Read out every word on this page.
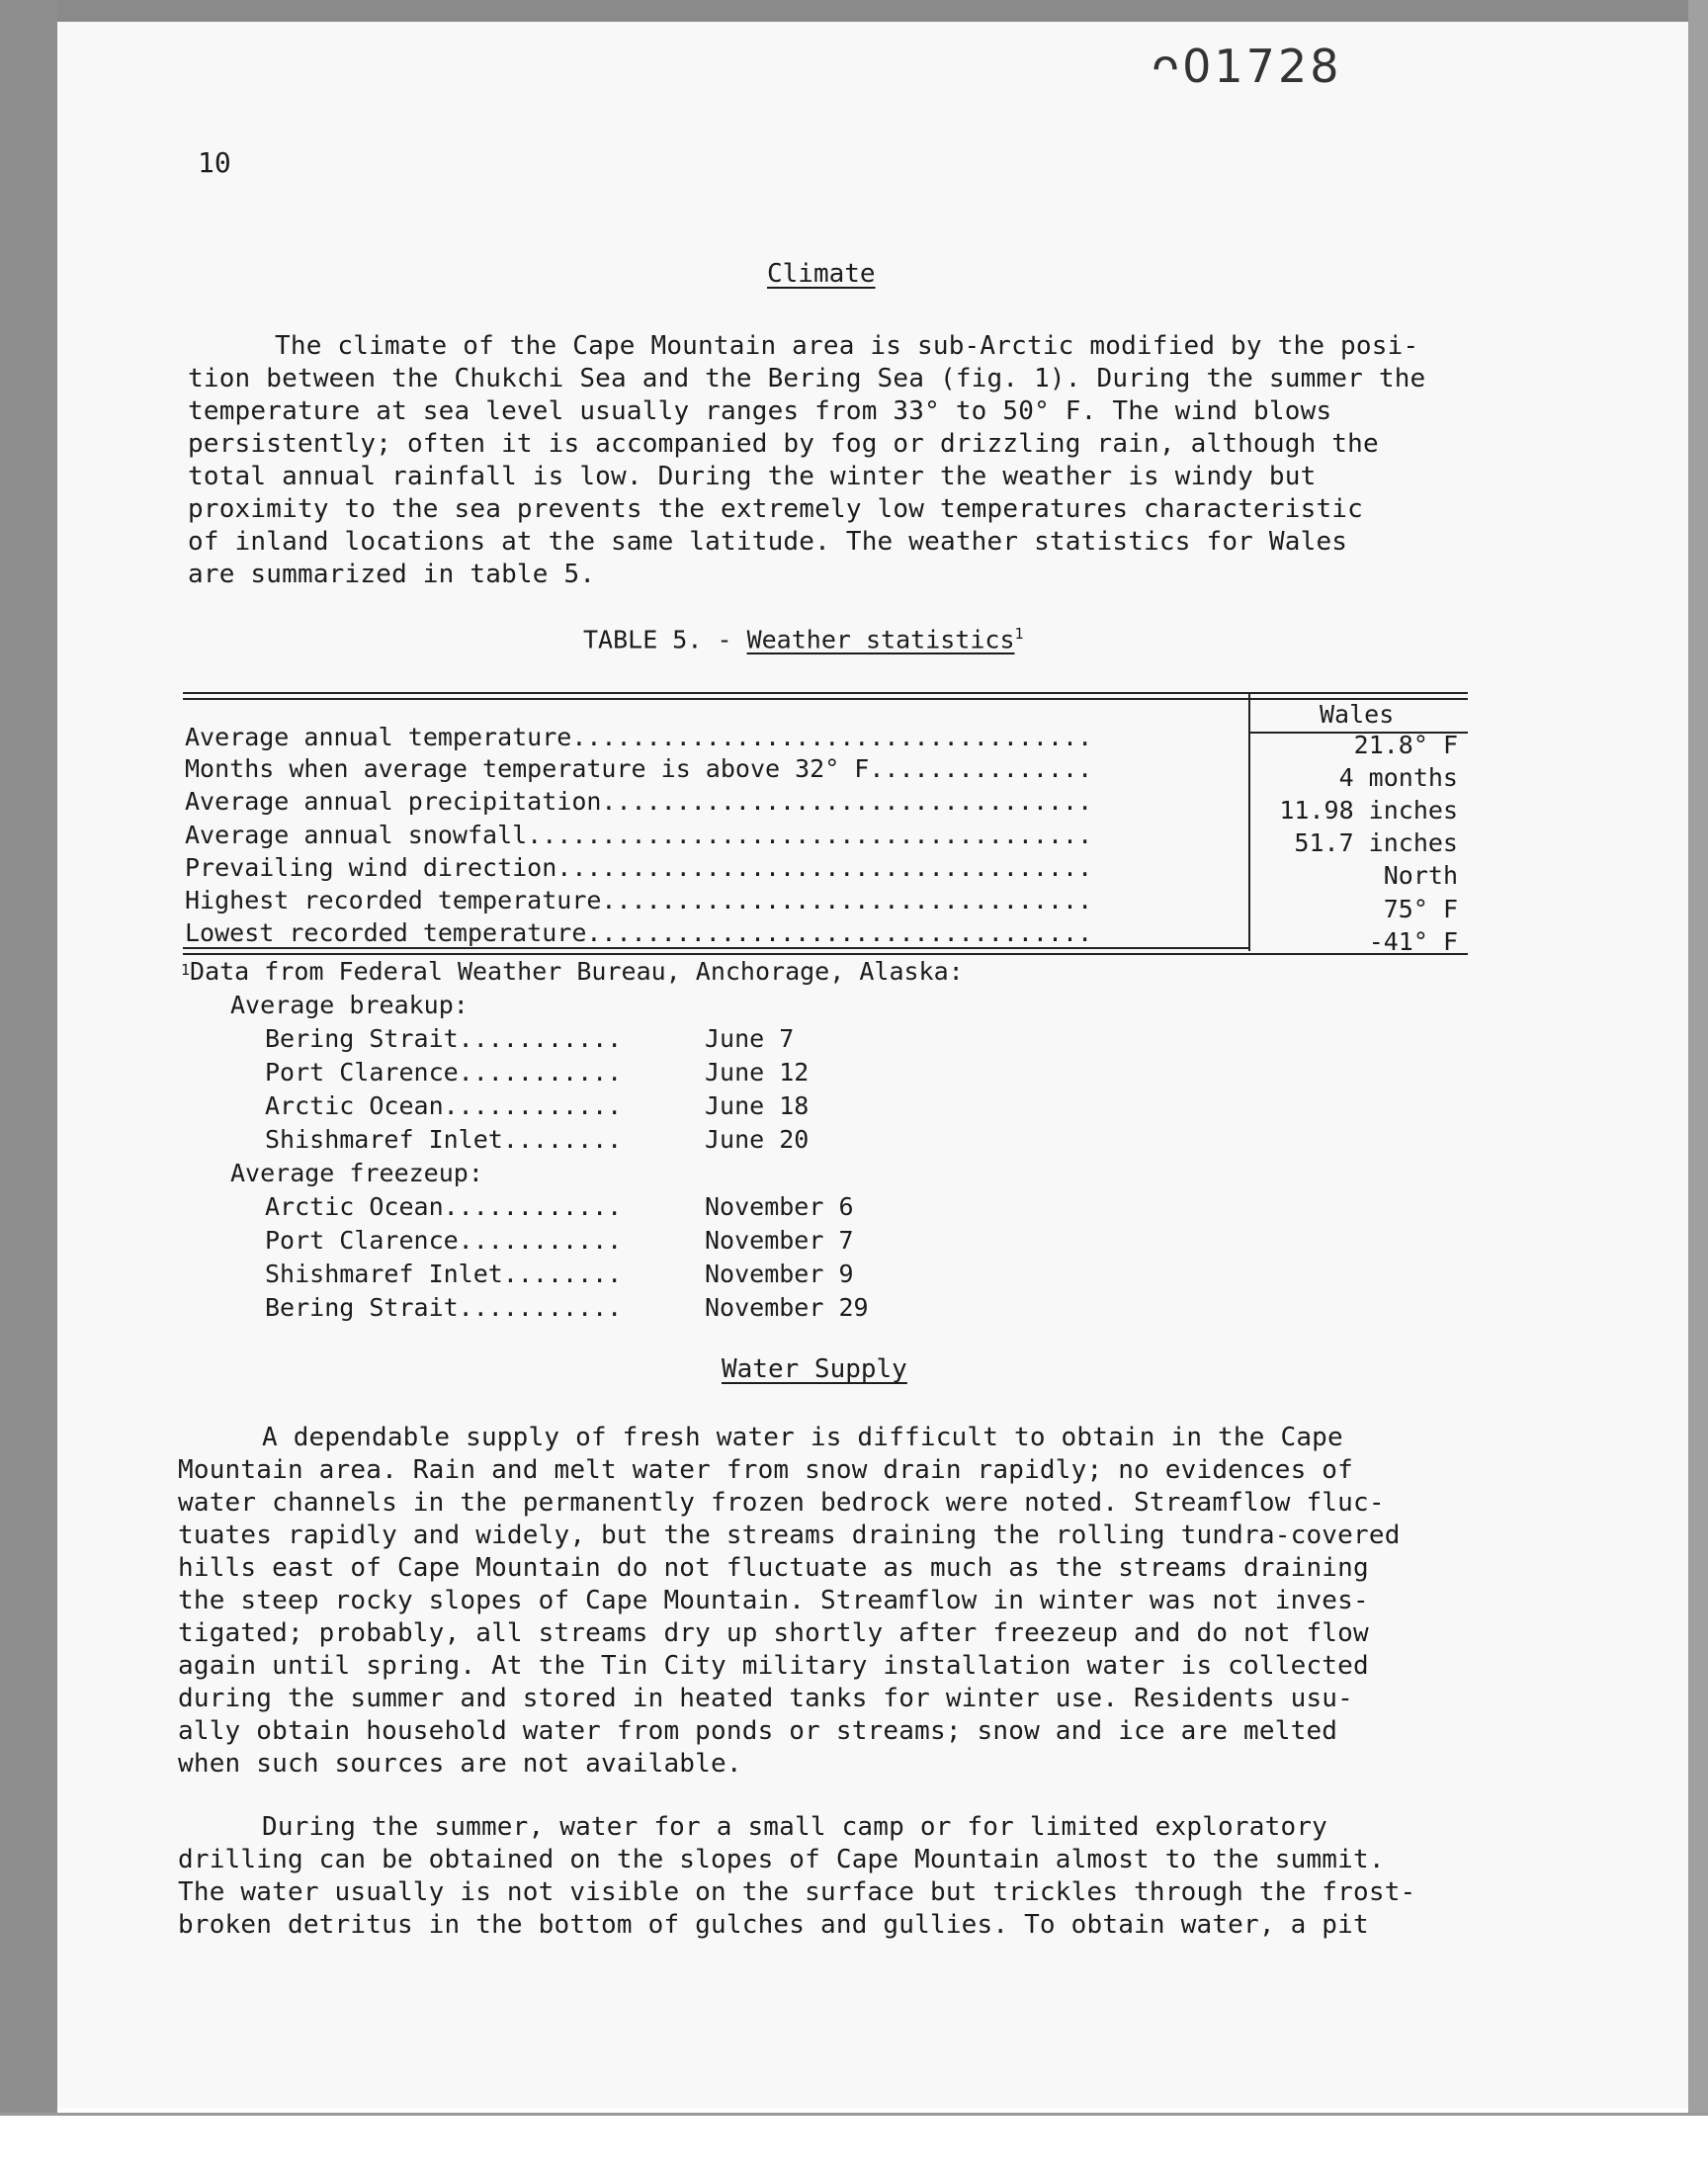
ᴖ01728
10
Climate
The climate of the Cape Mountain area is sub-Arctic modified by the posi-
tion between the Chukchi Sea and the Bering Sea (fig. 1). During the summer the
temperature at sea level usually ranges from 33° to 50° F. The wind blows
persistently; often it is accompanied by fog or drizzling rain, although the
total annual rainfall is low. During the winter the weather is windy but
proximity to the sea prevents the extremely low temperatures characteristic
of inland locations at the same latitude. The weather statistics for Wales
are summarized in table 5.
TABLE 5. - Weather statistics$^1$
Wales
Average annual temperature...................................	21.8° F
Months when average temperature is above 32° F...............	4 months
Average annual precipitation.................................	11.98 inches
Average annual snowfall......................................	51.7 inches
Prevailing wind direction....................................	North
Highest recorded temperature.................................	75° F
Lowest recorded temperature..................................	-41° F
$^1$Data from Federal Weather Bureau, Anchorage, Alaska:
Average breakup:
Bering Strait...........	June 7
Port Clarence...........	June 12
Arctic Ocean............	June 18
Shishmaref Inlet........	June 20
Average freezeup:
Arctic Ocean............	November 6
Port Clarence...........	November 7
Shishmaref Inlet........	November 9
Bering Strait...........	November 29
Water Supply
A dependable supply of fresh water is difficult to obtain in the Cape
Mountain area. Rain and melt water from snow drain rapidly; no evidences of
water channels in the permanently frozen bedrock were noted. Streamflow fluc-
tuates rapidly and widely, but the streams draining the rolling tundra-covered
hills east of Cape Mountain do not fluctuate as much as the streams draining
the steep rocky slopes of Cape Mountain. Streamflow in winter was not inves-
tigated; probably, all streams dry up shortly after freezeup and do not flow
again until spring. At the Tin City military installation water is collected
during the summer and stored in heated tanks for winter use. Residents usu-
ally obtain household water from ponds or streams; snow and ice are melted
when such sources are not available.
During the summer, water for a small camp or for limited exploratory
drilling can be obtained on the slopes of Cape Mountain almost to the summit.
The water usually is not visible on the surface but trickles through the frost-
broken detritus in the bottom of gulches and gullies. To obtain water, a pit
